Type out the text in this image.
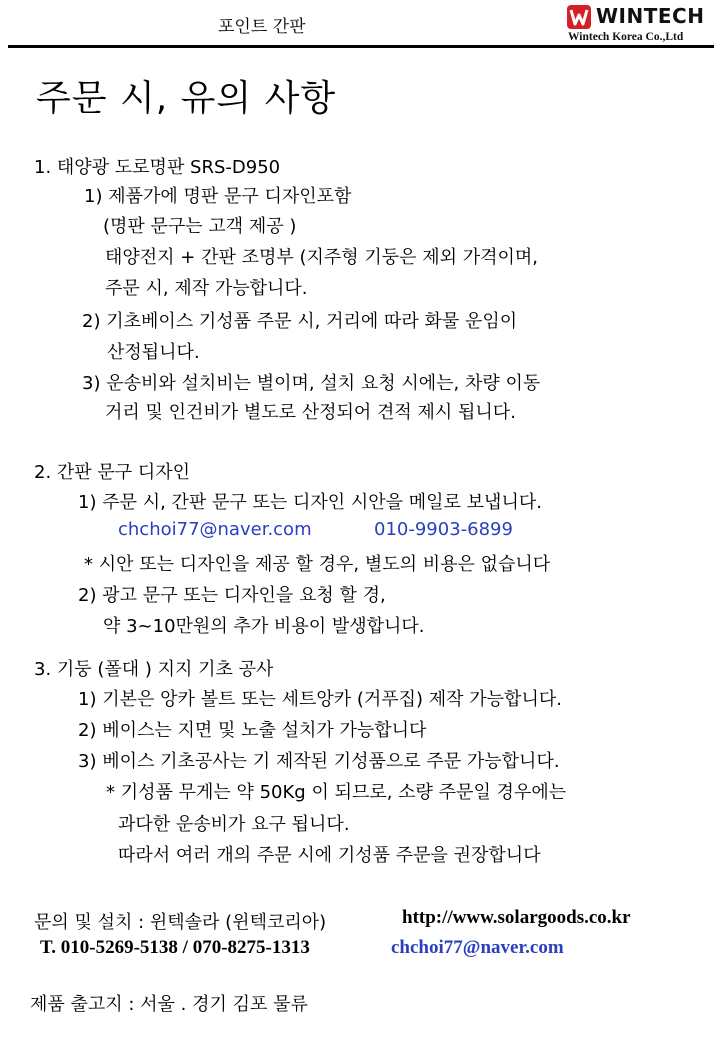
포인트 간판	WINTECH
Wintech Korea Co.,Ltd
주문 시, 유의 사항
1. 태양광 도로명판 SRS-D950
1) 제품가에 명판 문구 디자인포함
(명판 문구는 고객 제공 )
태양전지 + 간판 조명부 (지주형 기둥은 제외 가격이며,
주문 시, 제작 가능합니다.
2) 기초베이스 기성품 주문 시, 거리에 따라 화물 운임이
산정됩니다.
3) 운송비와 설치비는 별이며, 설치 요청 시에는, 차량 이동
거리 및 인건비가 별도로 산정되어 견적 제시 됩니다.
2. 간판 문구 디자인
1) 주문 시, 간판 문구 또는 디자인 시안을 메일로 보냅니다.
chchoi77@naver.com	010-9903-6899
* 시안 또는 디자인을 제공 할 경우, 별도의 비용은 없습니다
2) 광고 문구 또는 디자인을 요청 할 경,
약 3~10만원의 추가 비용이 발생합니다.
3. 기둥 (폴대 ) 지지 기초 공사
1) 기본은 앙카 볼트 또는 세트앙카 (거푸집) 제작 가능합니다.
2) 베이스는 지면 및 노출 설치가 가능합니다
3) 베이스 기초공사는 기 제작된 기성품으로 주문 가능합니다.
* 기성품 무게는 약 50Kg 이 되므로, 소량 주문일 경우에는
과다한 운송비가 요구 됩니다.
따라서 여러 개의 주문 시에 기성품 주문을 권장합니다
문의 및 설치 : 윈텍솔라 (윈텍코리아)	http://www.solargoods.co.kr
T. 010-5269-5138 / 070-8275-1313	chchoi77@naver.com
제품 출고지 : 서울 . 경기 김포 물류
